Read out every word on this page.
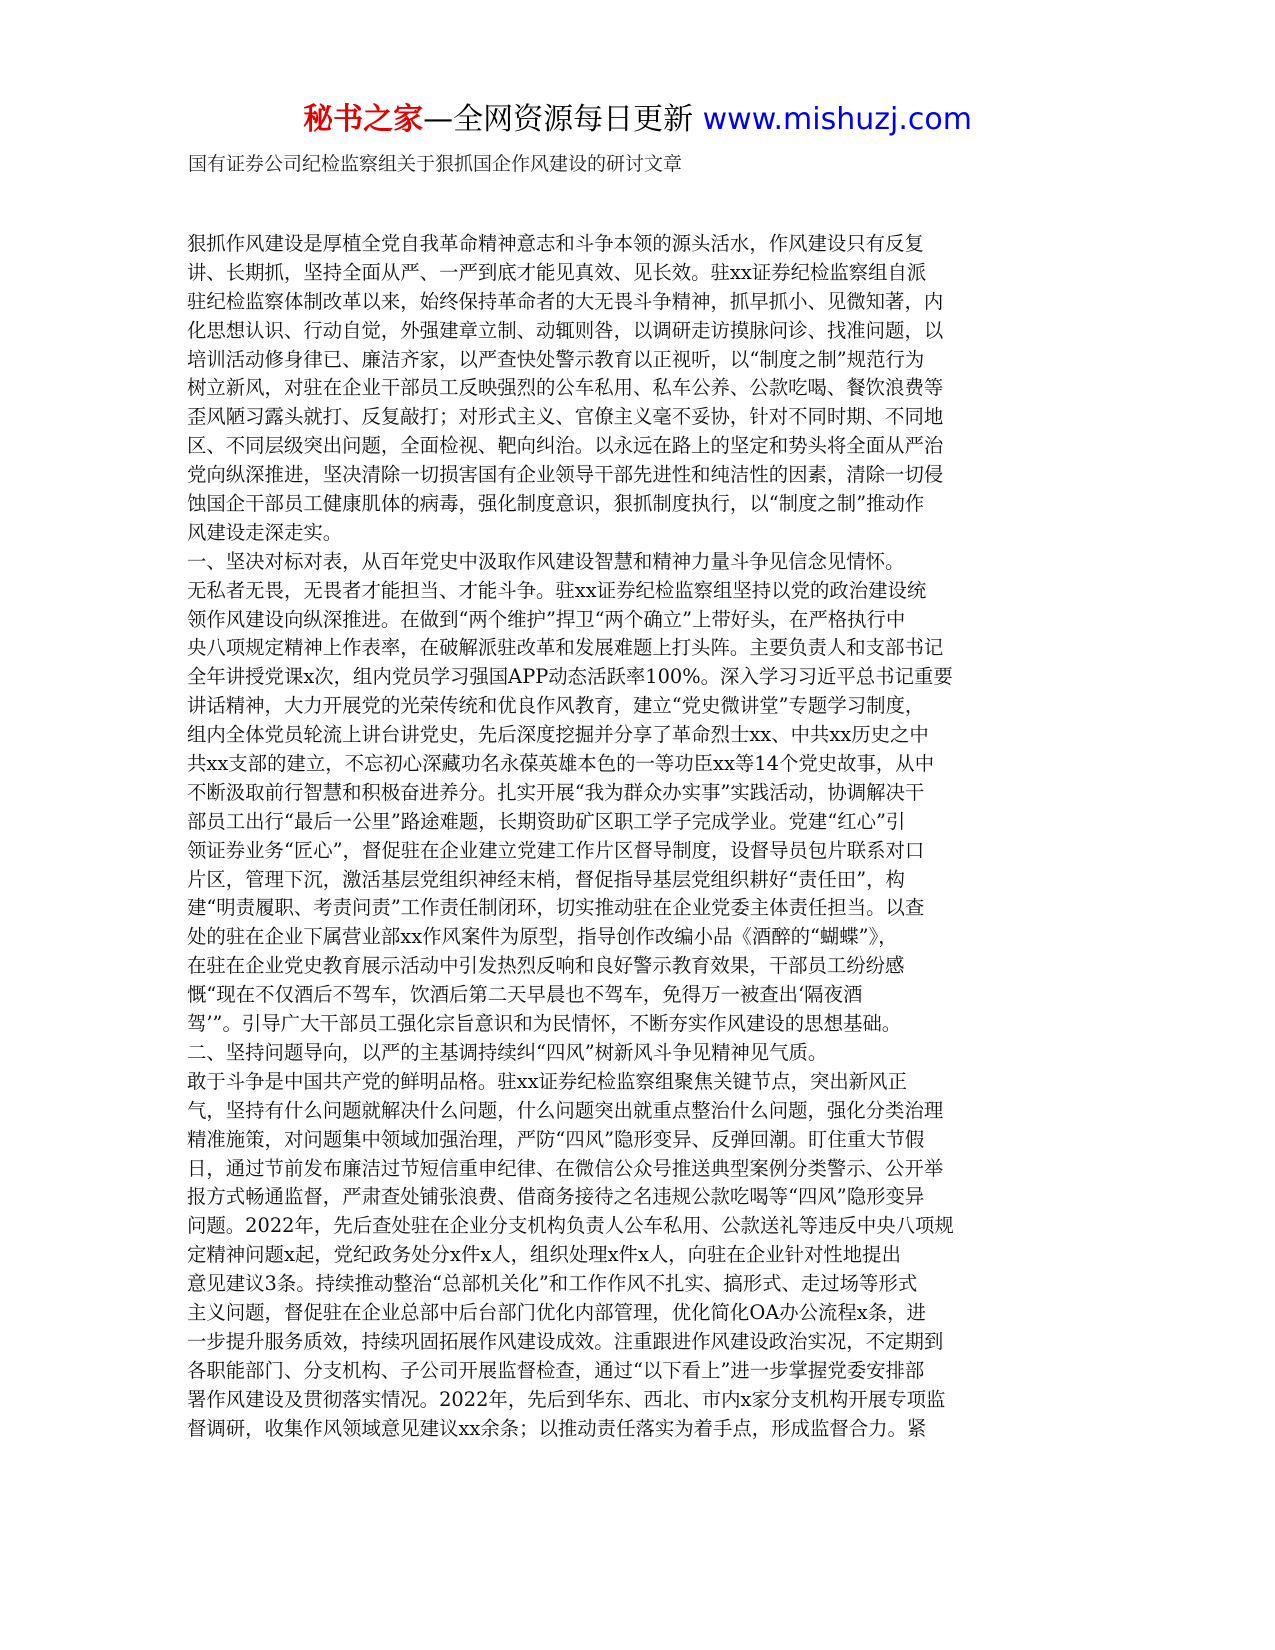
秘书之家—全网资源每日更新 www.mishuzj.com
国有证券公司纪检监察组关于狠抓国企作风建设的研讨文章
狠抓作风建设是厚植全党自我革命精神意志和斗争本领的源头活水，作风建设只有反复
讲、长期抓，坚持全面从严、一严到底才能见真效、见长效。驻xx证券纪检监察组自派
驻纪检监察体制改革以来，始终保持革命者的大无畏斗争精神，抓早抓小、见微知著，内
化思想认识、行动自觉，外强建章立制、动辄则咎，以调研走访摸脉问诊、找准问题，以
培训活动修身律已、廉洁齐家，以严查快处警示教育以正视听，以“制度之制”规范行为
树立新风，对驻在企业干部员工反映强烈的公车私用、私车公养、公款吃喝、餐饮浪费等
歪风陋习露头就打、反复敲打；对形式主义、官僚主义毫不妥协，针对不同时期、不同地
区、不同层级突出问题，全面检视、靶向纠治。以永远在路上的坚定和势头将全面从严治
党向纵深推进，坚决清除一切损害国有企业领导干部先进性和纯洁性的因素，清除一切侵
蚀国企干部员工健康肌体的病毒，强化制度意识，狠抓制度执行，以“制度之制”推动作
风建设走深走实。
一、坚决对标对表，从百年党史中汲取作风建设智慧和精神力量斗争见信念见情怀。
无私者无畏，无畏者才能担当、才能斗争。驻xx证券纪检监察组坚持以党的政治建设统
领作风建设向纵深推进。在做到“两个维护”捍卫“两个确立”上带好头，在严格执行中
央八项规定精神上作表率，在破解派驻改革和发展难题上打头阵。主要负责人和支部书记
全年讲授党课x次，组内党员学习强国APP动态活跃率100%。深入学习习近平总书记重要
讲话精神，大力开展党的光荣传统和优良作风教育，建立“党史微讲堂”专题学习制度，
组内全体党员轮流上讲台讲党史，先后深度挖掘并分享了革命烈士xx、中共xx历史之中
共xx支部的建立，不忘初心深藏功名永葆英雄本色的一等功臣xx等14个党史故事，从中
不断汲取前行智慧和积极奋进养分。扎实开展“我为群众办实事”实践活动，协调解决干
部员工出行“最后一公里”路途难题，长期资助矿区职工学子完成学业。党建“红心”引
领证券业务“匠心”，督促驻在企业建立党建工作片区督导制度，设督导员包片联系对口
片区，管理下沉，激活基层党组织神经末梢，督促指导基层党组织耕好“责任田”，构
建“明责履职、考责问责”工作责任制闭环，切实推动驻在企业党委主体责任担当。以查
处的驻在企业下属营业部xx作风案件为原型，指导创作改编小品《酒醉的“蝴蝶”》，
在驻在企业党史教育展示活动中引发热烈反响和良好警示教育效果，干部员工纷纷感
慨“现在不仅酒后不驾车，饮酒后第二天早晨也不驾车，免得万一被查出‘隔夜酒
驾’”。引导广大干部员工强化宗旨意识和为民情怀，不断夯实作风建设的思想基础。
二、坚持问题导向，以严的主基调持续纠“四风”树新风斗争见精神见气质。
敢于斗争是中国共产党的鲜明品格。驻xx证券纪检监察组聚焦关键节点，突出新风正
气，坚持有什么问题就解决什么问题，什么问题突出就重点整治什么问题，强化分类治理
精准施策，对问题集中领域加强治理，严防“四风”隐形变异、反弹回潮。盯住重大节假
日，通过节前发布廉洁过节短信重申纪律、在微信公众号推送典型案例分类警示、公开举
报方式畅通监督，严肃查处铺张浪费、借商务接待之名违规公款吃喝等“四风”隐形变异
问题。2022年，先后查处驻在企业分支机构负责人公车私用、公款送礼等违反中央八项规
定精神问题x起，党纪政务处分x件x人，组织处理x件x人，向驻在企业针对性地提出
意见建议3条。持续推动整治“总部机关化”和工作作风不扎实、搞形式、走过场等形式
主义问题，督促驻在企业总部中后台部门优化内部管理，优化简化OA办公流程x条，进
一步提升服务质效，持续巩固拓展作风建设成效。注重跟进作风建设政治实况，不定期到
各职能部门、分支机构、子公司开展监督检查，通过“以下看上”进一步掌握党委安排部
署作风建设及贯彻落实情况。2022年，先后到华东、西北、市内x家分支机构开展专项监
督调研，收集作风领域意见建议xx余条；以推动责任落实为着手点，形成监督合力。紧
